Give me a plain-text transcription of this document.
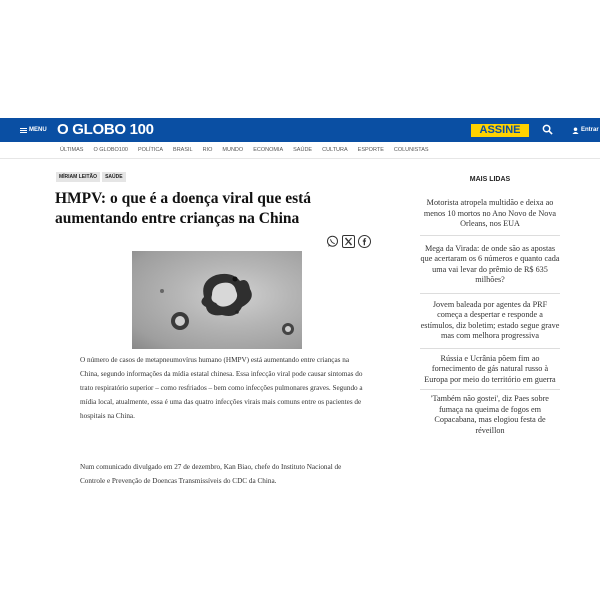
MENU O GLOBO 100	ASSINE	Entrar
ÚLTIMAS O GLOBO100 POLÍTICA BRASIL RIO MUNDO ECONOMIA SAÚDE CULTURA ESPORTE COLUNISTAS
MÍRIAM LEITÃO	SAÚDE
HMPV: o que é a doença viral que está aumentando entre crianças na China

O número de casos de metapneumovírus humano (HMPV) está aumentando entre crianças na China, segundo informações da mídia estatal chinesa. Essa infecção viral pode causar sintomas do trato respiratório superior – como resfriados – bem como infecções pulmonares graves. Segundo a mídia local, atualmente, essa é uma das quatro infecções virais mais comuns entre os pacientes de hospitais na China.

Num comunicado divulgado em 27 de dezembro, Kan Biao, chefe do Instituto Nacional de Controle e Prevenção de Doencas Transmissíveis do CDC da China.

MAIS LIDAS
Motorista atropela multidão e deixa ao menos 10 mortos no Ano Novo de Nova Orleans, nos EUA
Mega da Virada: de onde são as apostas que acertaram os 6 números e quanto cada uma vai levar do prêmio de R$ 635 milhões?
Jovem baleada por agentes da PRF começa a despertar e responde a estímulos, diz boletim; estado segue grave mas com melhora progressiva
Rússia e Ucrânia põem fim ao fornecimento de gás natural russo à Europa por meio do território em guerra
'Também não gostei', diz Paes sobre fumaça na queima de fogos em Copacabana, mas elogiou festa de réveillon
